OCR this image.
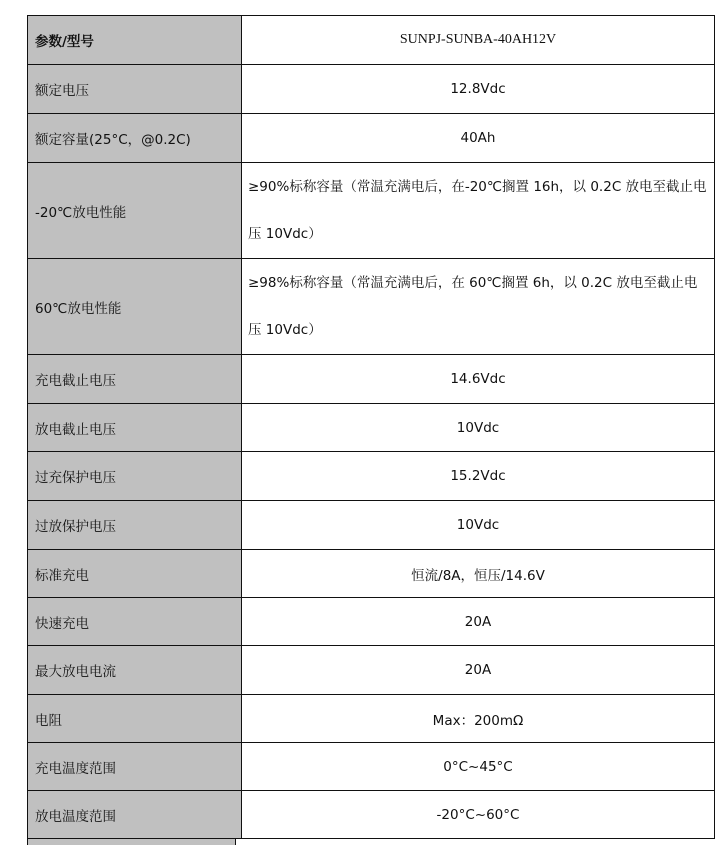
参数/型号	SUNPJ-SUNBA-40AH12V
额定电压	12.8Vdc
额定容量(25°C，@0.2C)	40Ah
-20℃放电性能	≥90%标称容量（常温充满电后，在-20℃搁置 16h，以 0.2C 放电至截止电压 10Vdc）
60℃放电性能	≥98%标称容量（常温充满电后，在 60℃搁置 6h，以 0.2C 放电至截止电压 10Vdc）
充电截止电压	14.6Vdc
放电截止电压	10Vdc
过充保护电压	15.2Vdc
过放保护电压	10Vdc
标准充电	恒流/8A，恒压/14.6V
快速充电	20A
最大放电电流	20A
电阻	Max：200mΩ
充电温度范围	0°C~45°C
放电温度范围	-20°C~60°C
